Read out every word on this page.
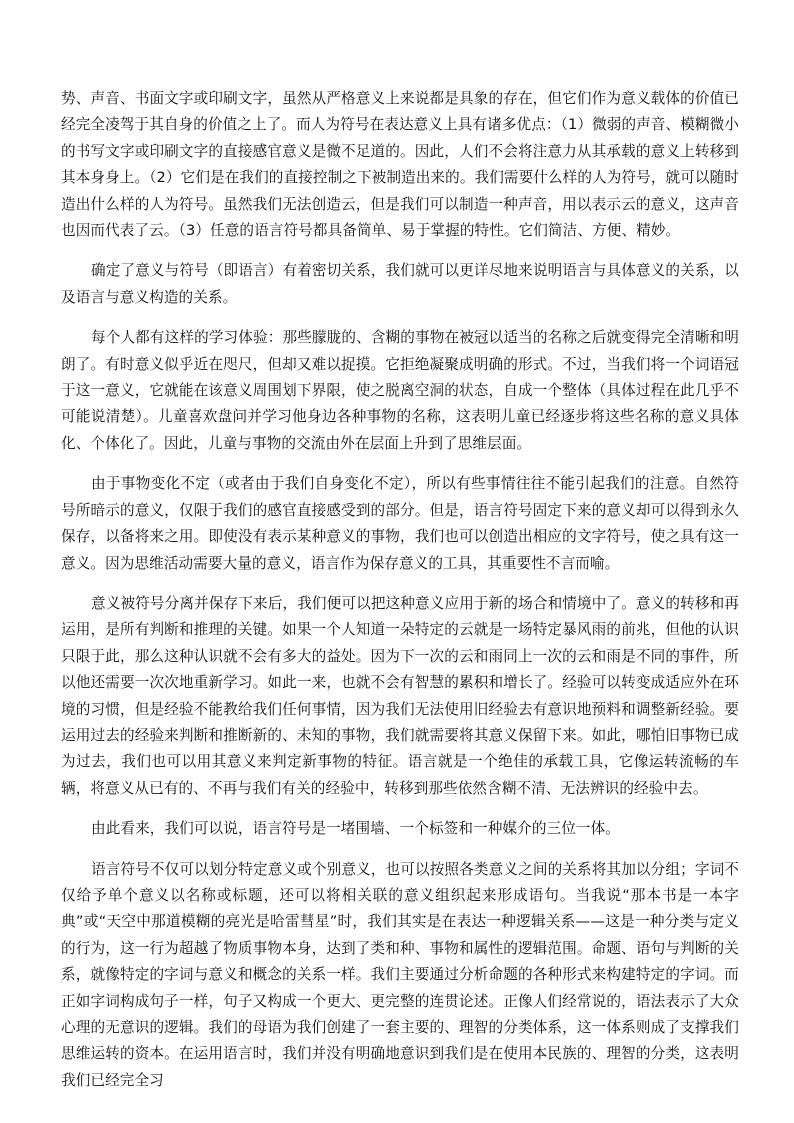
势、声音、书面文字或印刷文字，虽然从严格意义上来说都是具象的存在，但它们作为意义载体的价值已经完全凌驾于其自身的价值之上了。而人为符号在表达意义上具有诸多优点：（1）微弱的声音、模糊微小的书写文字或印刷文字的直接感官意义是微不足道的。因此，人们不会将注意力从其承载的意义上转移到其本身身上。（2）它们是在我们的直接控制之下被制造出来的。我们需要什么样的人为符号，就可以随时造出什么样的人为符号。虽然我们无法创造云，但是我们可以制造一种声音，用以表示云的意义，这声音也因而代表了云。（3）任意的语言符号都具备简单、易于掌握的特性。它们简洁、方便、精妙。

确定了意义与符号（即语言）有着密切关系，我们就可以更详尽地来说明语言与具体意义的关系，以及语言与意义构造的关系。

每个人都有这样的学习体验：那些朦胧的、含糊的事物在被冠以适当的名称之后就变得完全清晰和明朗了。有时意义似乎近在咫尺，但却又难以捉摸。它拒绝凝聚成明确的形式。不过，当我们将一个词语冠于这一意义，它就能在该意义周围划下界限，使之脱离空洞的状态，自成一个整体（具体过程在此几乎不可能说清楚）。儿童喜欢盘问并学习他身边各种事物的名称，这表明儿童已经逐步将这些名称的意义具体化、个体化了。因此，儿童与事物的交流由外在层面上升到了思维层面。

由于事物变化不定（或者由于我们自身变化不定），所以有些事情往往不能引起我们的注意。自然符号所暗示的意义，仅限于我们的感官直接感受到的部分。但是，语言符号固定下来的意义却可以得到永久保存，以备将来之用。即使没有表示某种意义的事物，我们也可以创造出相应的文字符号，使之具有这一意义。因为思维活动需要大量的意义，语言作为保存意义的工具，其重要性不言而喻。

意义被符号分离并保存下来后，我们便可以把这种意义应用于新的场合和情境中了。意义的转移和再运用，是所有判断和推理的关键。如果一个人知道一朵特定的云就是一场特定暴风雨的前兆，但他的认识只限于此，那么这种认识就不会有多大的益处。因为下一次的云和雨同上一次的云和雨是不同的事件，所以他还需要一次次地重新学习。如此一来，也就不会有智慧的累积和增长了。经验可以转变成适应外在环境的习惯，但是经验不能教给我们任何事情，因为我们无法使用旧经验去有意识地预料和调整新经验。要运用过去的经验来判断和推断新的、未知的事物，我们就需要将其意义保留下来。如此，哪怕旧事物已成为过去，我们也可以用其意义来判定新事物的特征。语言就是一个绝佳的承载工具，它像运转流畅的车辆，将意义从已有的、不再与我们有关的经验中，转移到那些依然含糊不清、无法辨识的经验中去。

由此看来，我们可以说，语言符号是一堵围墙、一个标签和一种媒介的三位一体。

语言符号不仅可以划分特定意义或个别意义，也可以按照各类意义之间的关系将其加以分组；字词不仅给予单个意义以名称或标题，还可以将相关联的意义组织起来形成语句。当我说“那本书是一本字典”或“天空中那道模糊的亮光是哈雷彗星”时，我们其实是在表达一种逻辑关系——这是一种分类与定义的行为，这一行为超越了物质事物本身，达到了类和种、事物和属性的逻辑范围。命题、语句与判断的关系，就像特定的字词与意义和概念的关系一样。我们主要通过分析命题的各种形式来构建特定的字词。而正如字词构成句子一样，句子又构成一个更大、更完整的连贯论述。正像人们经常说的，语法表示了大众心理的无意识的逻辑。我们的母语为我们创建了一套主要的、理智的分类体系，这一体系则成了支撑我们思维运转的资本。在运用语言时，我们并没有明确地意识到我们是在使用本民族的、理智的分类，这表明我们已经完全习
